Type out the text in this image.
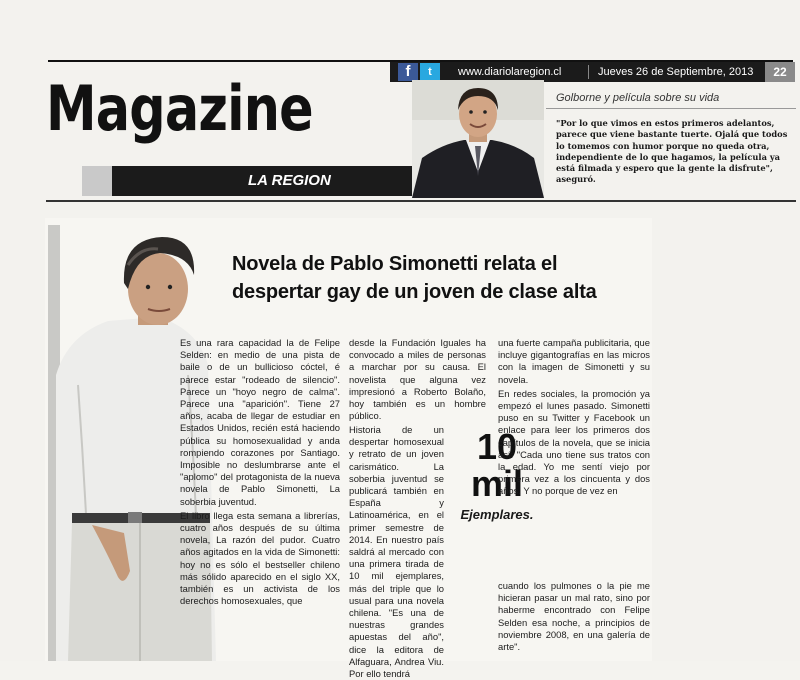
f	t	www.diariolaregion.cl	Jueves 26 de Septiembre, 2013	22
Magazine
LA REGION
Golborne y película sobre su vida
"Por lo que vimos en estos primeros adelantos, parece que viene bastante tuerte. Ojalá que todos lo tomemos con humor porque no queda otra, independiente de lo que hagamos, la película ya está filmada y espero que la gente la disfrute", aseguró.
Novela de Pablo Simonetti relata el despertar gay de un joven de clase alta

Es una rara capacidad la de Felipe Selden: en medio de una pista de baile o de un bullicioso cóctel, é parece estar "rodeado de silencio". Parece un "hoyo negro de calma". Parece una "aparición". Tiene 27 años, acaba de llegar de estudiar en Estados Unidos, recién está haciendo pública su homosexualidad y anda rompiendo corazones por Santiago. Imposible no deslumbrarse ante el "aplomo" del protagonista de la nueva novela de Pablo Simonetti, La soberbia juventud.

El libro llega esta semana a librerías, cuatro años después de su última novela, La razón del pudor. Cuatro años agitados en la vida de Simonetti: hoy no es sólo el bestseller chileno más sólido aparecido en el siglo XX, también es un activista de los derechos homosexuales, que

desde la Fundación Iguales ha convocado a miles de personas a marchar por su causa. El novelista que alguna vez impresionó a Roberto Bolaño, hoy también es un hombre público.

Historia de un despertar homosexual y retrato de un joven carismático. La soberbia juventud se publicará también en España y Latinoamérica, en el primer semestre de 2014. En nuestro país saldrá al mercado con una primera tirada de 10 mil ejemplares, más del triple que lo usual para una novela chilena. "Es una de nuestras grandes apuestas del año", dice la editora de Alfaguara, Andrea Viu. Por ello tendrá

10
mil
Ejemplares.

una fuerte campaña publicitaria, que incluye gigantografías en las micros con la imagen de Simonetti y su novela.

En redes sociales, la promoción ya empezó el lunes pasado. Simonetti puso en su Twitter y Facebook un enlace para leer los primeros dos capítulos de la novela, que se inicia así: "Cada uno tiene sus tratos con la edad. Yo me sentí viejo por primera vez a los cincuenta y dos años. Y no porque de vez en

cuando los pulmones o la pie me hicieran pasar un mal rato, sino por haberme encontrado con Felipe Selden esa noche, a principios de noviembre 2008, en una galería de arte".
